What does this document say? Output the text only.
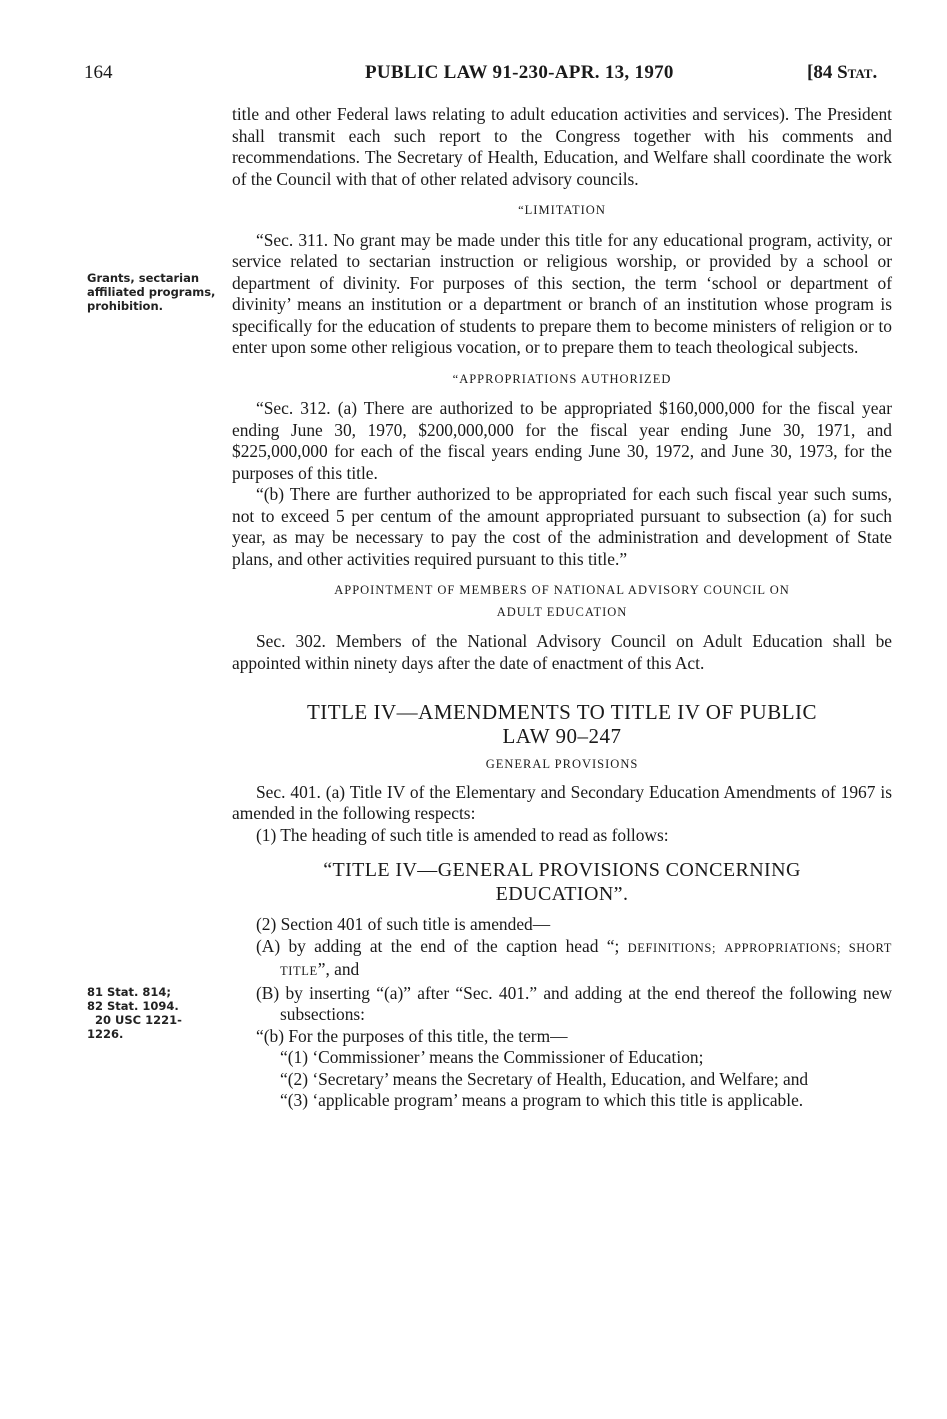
164	PUBLIC LAW 91-230-APR. 13, 1970	[84 Stat.
Grants, sectarian affiliated programs, prohibition.
81 Stat. 814;
82 Stat. 1094.
20 USC 1221-
1226.

title and other Federal laws relating to adult education activities and services). The President shall transmit each such report to the Congress together with his comments and recommendations. The Secretary of Health, Education, and Welfare shall coordinate the work of the Council with that of other related advisory councils.

“LIMITATION

“Sec. 311. No grant may be made under this title for any educational program, activity, or service related to sectarian instruction or religious worship, or provided by a school or department of divinity. For purposes of this section, the term ‘school or department of divinity’ means an institution or a department or branch of an institution whose program is specifically for the education of students to prepare them to become ministers of religion or to enter upon some other religious vocation, or to prepare them to teach theological subjects.

“APPROPRIATIONS AUTHORIZED

“Sec. 312. (a) There are authorized to be appropriated $160,000,000 for the fiscal year ending June 30, 1970, $200,000,000 for the fiscal year ending June 30, 1971, and $225,000,000 for each of the fiscal years ending June 30, 1972, and June 30, 1973, for the purposes of this title.

“(b) There are further authorized to be appropriated for each such fiscal year such sums, not to exceed 5 per centum of the amount appropriated pursuant to subsection (a) for such year, as may be necessary to pay the cost of the administration and development of State plans, and other activities required pursuant to this title.”

APPOINTMENT OF MEMBERS OF NATIONAL ADVISORY COUNCIL ON

ADULT EDUCATION

Sec. 302. Members of the National Advisory Council on Adult Education shall be appointed within ninety days after the date of enactment of this Act.

TITLE IV—AMENDMENTS TO TITLE IV OF PUBLIC

LAW 90–247

GENERAL PROVISIONS

Sec. 401. (a) Title IV of the Elementary and Secondary Education Amendments of 1967 is amended in the following respects:

(1) The heading of such title is amended to read as follows:

“TITLE IV—GENERAL PROVISIONS CONCERNING

EDUCATION”.

(2) Section 401 of such title is amended—

(A) by adding at the end of the caption head “; DEFINITIONS; APPROPRIATIONS; SHORT TITLE”, and

(B) by inserting “(a)” after “Sec. 401.” and adding at the end thereof the following new subsections:

“(b) For the purposes of this title, the term—

“(1) ‘Commissioner’ means the Commissioner of Education;

“(2) ‘Secretary’ means the Secretary of Health, Education, and Welfare; and

“(3) ‘applicable program’ means a program to which this title is applicable.
